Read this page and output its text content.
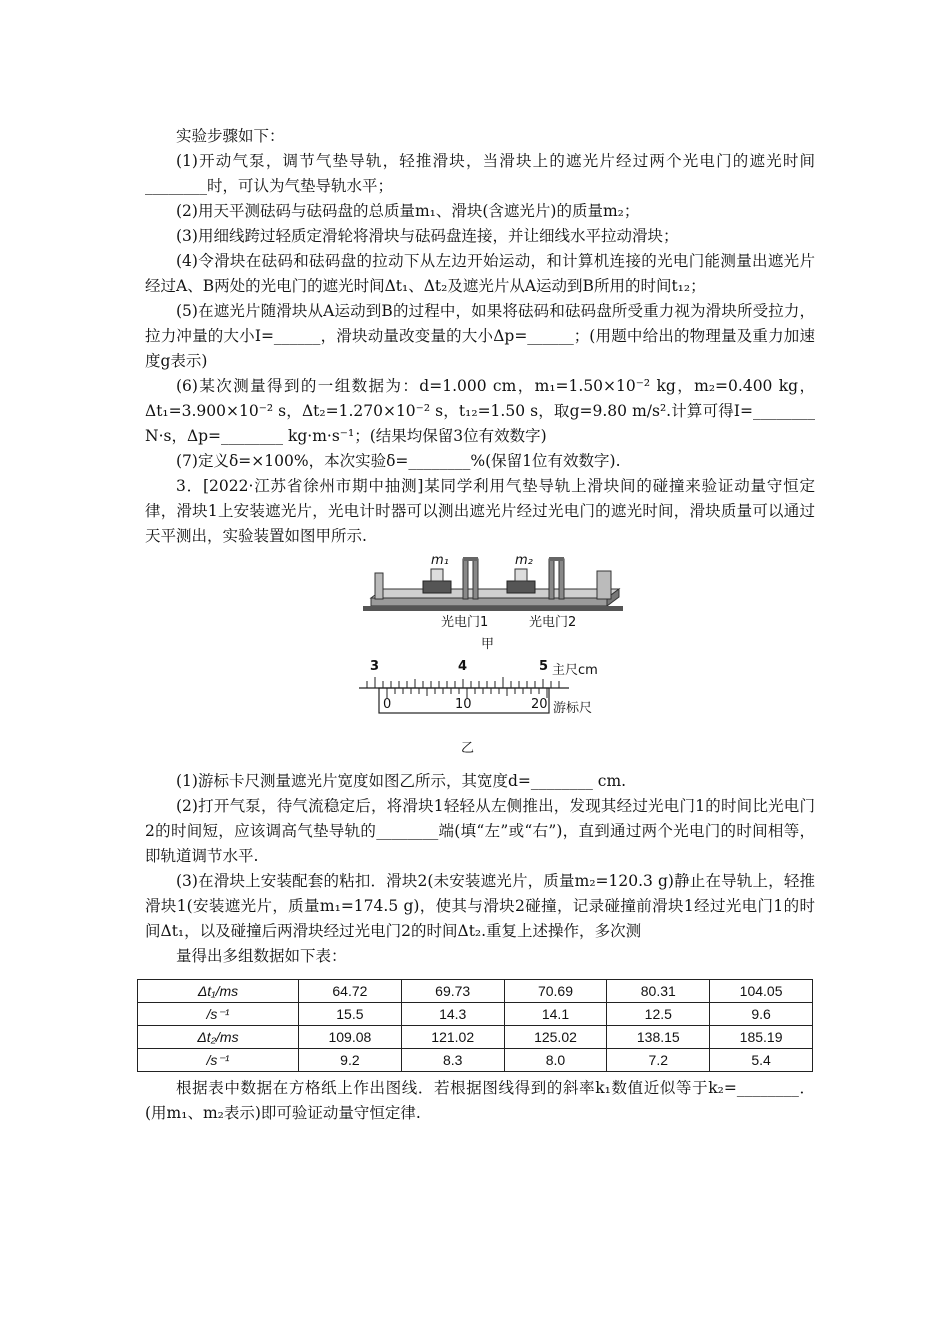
实验步骤如下：

(1)开动气泵，调节气垫导轨，轻推滑块，当滑块上的遮光片经过两个光电门的遮光时间________时，可认为气垫导轨水平；

(2)用天平测砝码与砝码盘的总质量m₁、滑块(含遮光片)的质量m₂；

(3)用细线跨过轻质定滑轮将滑块与砝码盘连接，并让细线水平拉动滑块；

(4)令滑块在砝码和砝码盘的拉动下从左边开始运动，和计算机连接的光电门能测量出遮光片经过A、B两处的光电门的遮光时间Δt₁、Δt₂及遮光片从A运动到B所用的时间t₁₂；

(5)在遮光片随滑块从A运动到B的过程中，如果将砝码和砝码盘所受重力视为滑块所受拉力，拉力冲量的大小I=______，滑块动量改变量的大小Δp=______；(用题中给出的物理量及重力加速度g表示)

(6)某次测量得到的一组数据为：d=1.000 cm，m₁=1.50×10⁻² kg，m₂=0.400 kg，Δt₁=3.900×10⁻² s，Δt₂=1.270×10⁻² s，t₁₂=1.50 s，取g=9.80 m/s².计算可得I=________ N·s，Δp=________ kg·m·s⁻¹；(结果均保留3位有效数字)

(7)定义δ=×100%，本次实验δ=________%(保留1位有效数字).

3．[2022·江苏省徐州市期中抽测]某同学利用气垫导轨上滑块间的碰撞来验证动量守恒定律，滑块1上安装遮光片，光电计时器可以测出遮光片经过光电门的遮光时间，滑块质量可以通过天平测出，实验装置如图甲所示.

m₁	m₂
光电门1	光电门2
甲
3	4	5 主尺cm
0	10	20 游标尺
乙

(1)游标卡尺测量遮光片宽度如图乙所示，其宽度d=________ cm.

(2)打开气泵，待气流稳定后，将滑块1轻轻从左侧推出，发现其经过光电门1的时间比光电门2的时间短，应该调高气垫导轨的________端(填“左”或“右”)，直到通过两个光电门的时间相等，即轨道调节水平.

(3)在滑块上安装配套的粘扣．滑块2(未安装遮光片，质量m₂=120.3 g)静止在导轨上，轻推滑块1(安装遮光片，质量m₁=174.5 g)，使其与滑块2碰撞，记录碰撞前滑块1经过光电门1的时间Δt₁，以及碰撞后两滑块经过光电门2的时间Δt₂.重复上述操作，多次测

量得出多组数据如下表：

Δt₁/ms	64.72	69.73	70.69	80.31	104.05
/s⁻¹	15.5	14.3	14.1	12.5	9.6
Δt₂/ms	109.08	121.02	125.02	138.15	185.19
/s⁻¹	9.2	8.3	8.0	7.2	5.4

根据表中数据在方格纸上作出图线．若根据图线得到的斜率k₁数值近似等于k₂=________．(用m₁、m₂表示)即可验证动量守恒定律.
